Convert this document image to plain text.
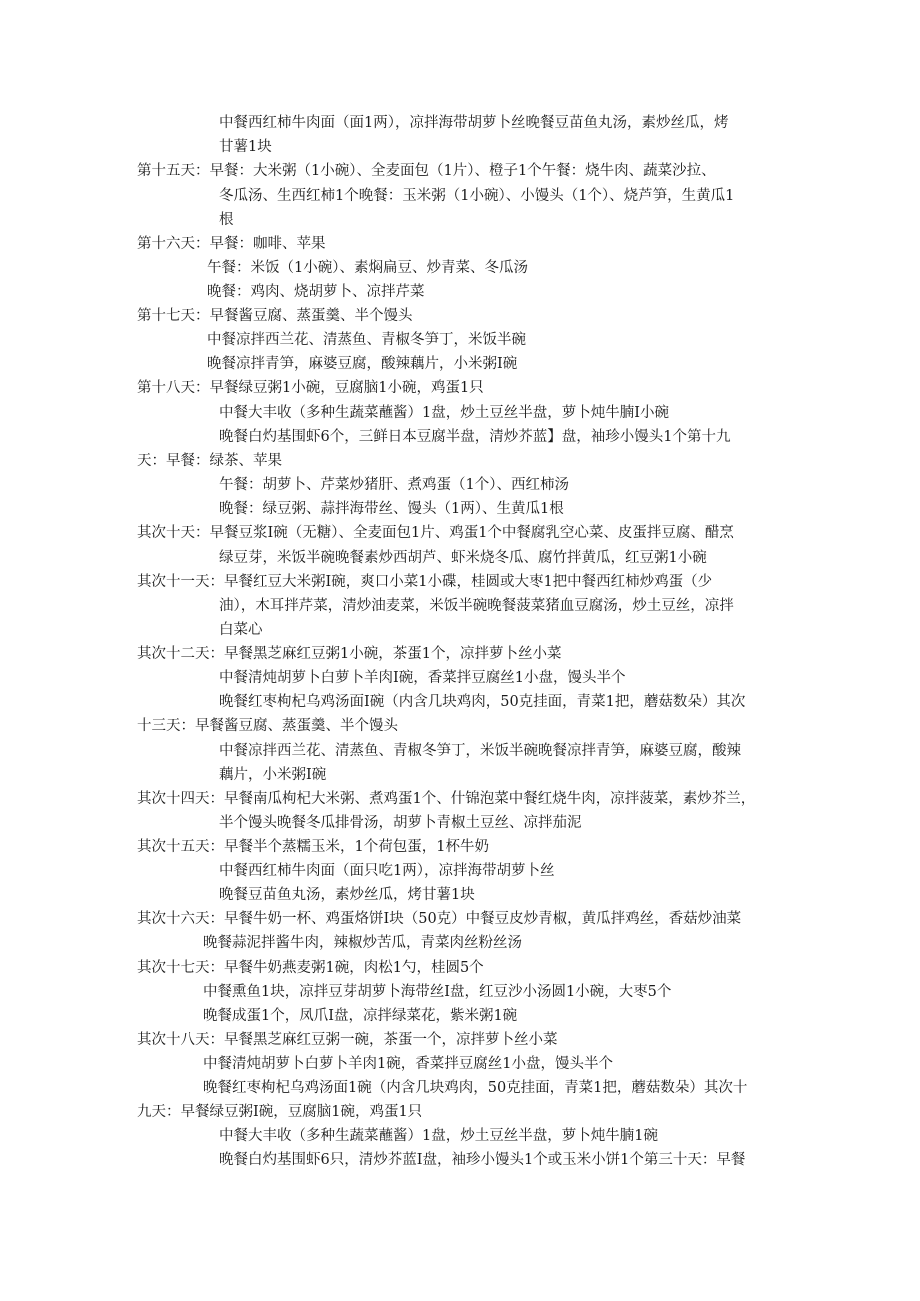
中餐西红柿牛肉面（面1两），凉拌海带胡萝卜丝晚餐豆苗鱼丸汤，素炒丝瓜，烤
甘薯1块
第十五天：早餐：大米粥（1小碗）、全麦面包（1片）、橙子1个午餐：烧牛肉、蔬菜沙拉、
冬瓜汤、生西红柿1个晚餐：玉米粥（1小碗）、小馒头（1个）、烧芦笋，生黄瓜1
根
第十六天：早餐：咖啡、苹果
午餐：米饭（1小碗）、素焖扁豆、炒青菜、冬瓜汤
晚餐：鸡肉、烧胡萝卜、凉拌芹菜
第十七天：早餐酱豆腐、蒸蛋羹、半个馒头
中餐凉拌西兰花、清蒸鱼、青椒冬笋丁，米饭半碗
晚餐凉拌青笋，麻婆豆腐，酸辣藕片，小米粥I碗
第十八天：早餐绿豆粥1小碗，豆腐脑1小碗，鸡蛋1只
中餐大丰收（多种生蔬菜蘸酱）1盘，炒土豆丝半盘，萝卜炖牛腩I小碗
晚餐白灼基围虾6个，三鲜日本豆腐半盘，清炒芥蓝】盘，袖珍小馒头1个第十九
天：早餐：绿茶、苹果
午餐：胡萝卜、芹菜炒猪肝、煮鸡蛋（1个）、西红柿汤
晚餐：绿豆粥、蒜拌海带丝、馒头（1两）、生黄瓜1根
其次十天：早餐豆浆I碗（无糖）、全麦面包1片、鸡蛋1个中餐腐乳空心菜、皮蛋拌豆腐、醋烹
绿豆芽，米饭半碗晚餐素炒西胡芦、虾米烧冬瓜、腐竹拌黄瓜，红豆粥1小碗
其次十一天：早餐红豆大米粥I碗，爽口小菜1小碟，桂圆或大枣1把中餐西红柿炒鸡蛋（少
油），木耳拌芹菜，清炒油麦菜，米饭半碗晚餐菠菜猪血豆腐汤，炒土豆丝，凉拌
白菜心
其次十二天：早餐黑芝麻红豆粥1小碗，茶蛋1个，凉拌萝卜丝小菜
中餐清炖胡萝卜白萝卜羊肉I碗，香菜拌豆腐丝1小盘，馒头半个
晚餐红枣枸杞乌鸡汤面I碗（内含几块鸡肉，50克挂面，青菜1把，蘑菇数朵）其次
十三天：早餐酱豆腐、蒸蛋羹、半个馒头
中餐凉拌西兰花、清蒸鱼、青椒冬笋丁，米饭半碗晚餐凉拌青笋，麻婆豆腐，酸辣
藕片，小米粥I碗
其次十四天：早餐南瓜枸杞大米粥、煮鸡蛋1个、什锦泡菜中餐红烧牛肉，凉拌菠菜，素炒芥兰，
半个馒头晚餐冬瓜排骨汤，胡萝卜青椒土豆丝、凉拌茄泥
其次十五天：早餐半个蒸糯玉米，1个荷包蛋，1杯牛奶
中餐西红柿牛肉面（面只吃1两），凉拌海带胡萝卜丝
晚餐豆苗鱼丸汤，素炒丝瓜，烤甘薯1块
其次十六天：早餐牛奶一杯、鸡蛋烙饼I块（50克）中餐豆皮炒青椒，黄瓜拌鸡丝，香菇炒油菜
晚餐蒜泥拌酱牛肉，辣椒炒苦瓜，青菜肉丝粉丝汤
其次十七天：早餐牛奶燕麦粥1碗，肉松1勺，桂圆5个
中餐熏鱼1块，凉拌豆芽胡萝卜海带丝I盘，红豆沙小汤圆1小碗，大枣5个
晚餐成蛋1个，凤爪I盘，凉拌绿菜花，紫米粥1碗
其次十八天：早餐黑芝麻红豆粥一碗，茶蛋一个，凉拌萝卜丝小菜
中餐清炖胡萝卜白萝卜羊肉1碗，香菜拌豆腐丝1小盘，馒头半个
晚餐红枣枸杞乌鸡汤面1碗（内含几块鸡肉，50克挂面，青菜1把，蘑菇数朵）其次十
九天：早餐绿豆粥I碗，豆腐脑1碗，鸡蛋1只
中餐大丰收（多种生蔬菜蘸酱）1盘，炒土豆丝半盘，萝卜炖牛腩1碗
晚餐白灼基围虾6只，清炒芥蓝I盘，袖珍小馒头1个或玉米小饼1个第三十天：早餐
